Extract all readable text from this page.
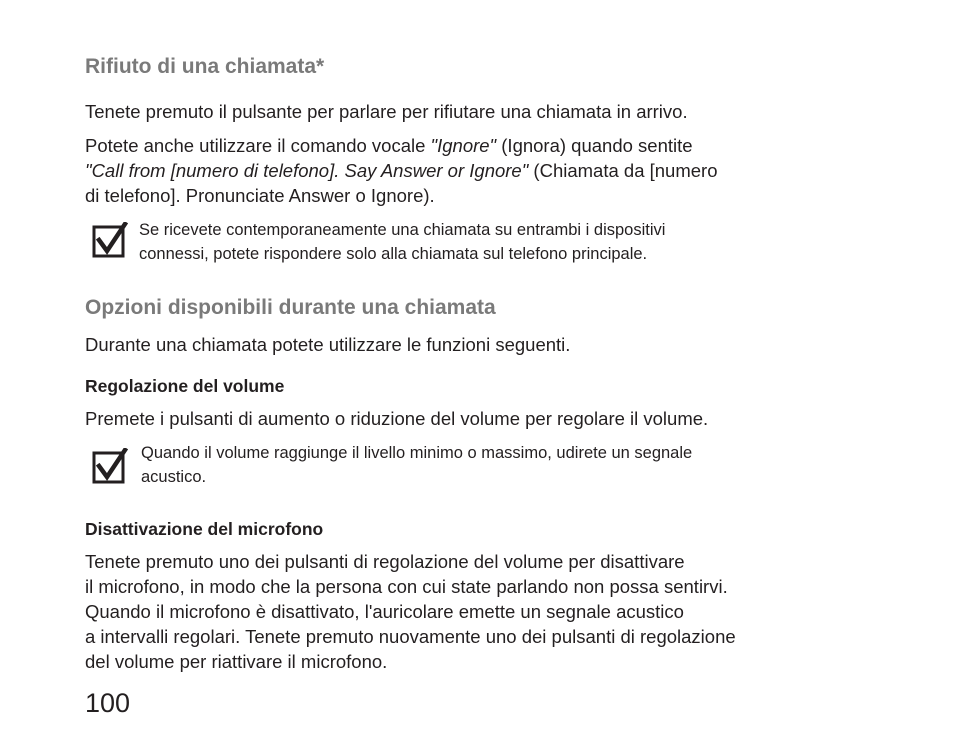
Rifiuto di una chiamata*
Tenete premuto il pulsante per parlare per rifiutare una chiamata in arrivo.
Potete anche utilizzare il comando vocale "Ignore" (Ignora) quando sentite
"Call from [numero di telefono]. Say Answer or Ignore" (Chiamata da [numero
di telefono]. Pronunciate Answer o Ignore).
Se ricevete contemporaneamente una chiamata su entrambi i dispositivi
connessi, potete rispondere solo alla chiamata sul telefono principale.
Opzioni disponibili durante una chiamata
Durante una chiamata potete utilizzare le funzioni seguenti.
Regolazione del volume
Premete i pulsanti di aumento o riduzione del volume per regolare il volume.
Quando il volume raggiunge il livello minimo o massimo, udirete un segnale
acustico.
Disattivazione del microfono
Tenete premuto uno dei pulsanti di regolazione del volume per disattivare
il microfono, in modo che la persona con cui state parlando non possa sentirvi.
Quando il microfono è disattivato, l'auricolare emette un segnale acustico
a intervalli regolari. Tenete premuto nuovamente uno dei pulsanti di regolazione
del volume per riattivare il microfono.
100
